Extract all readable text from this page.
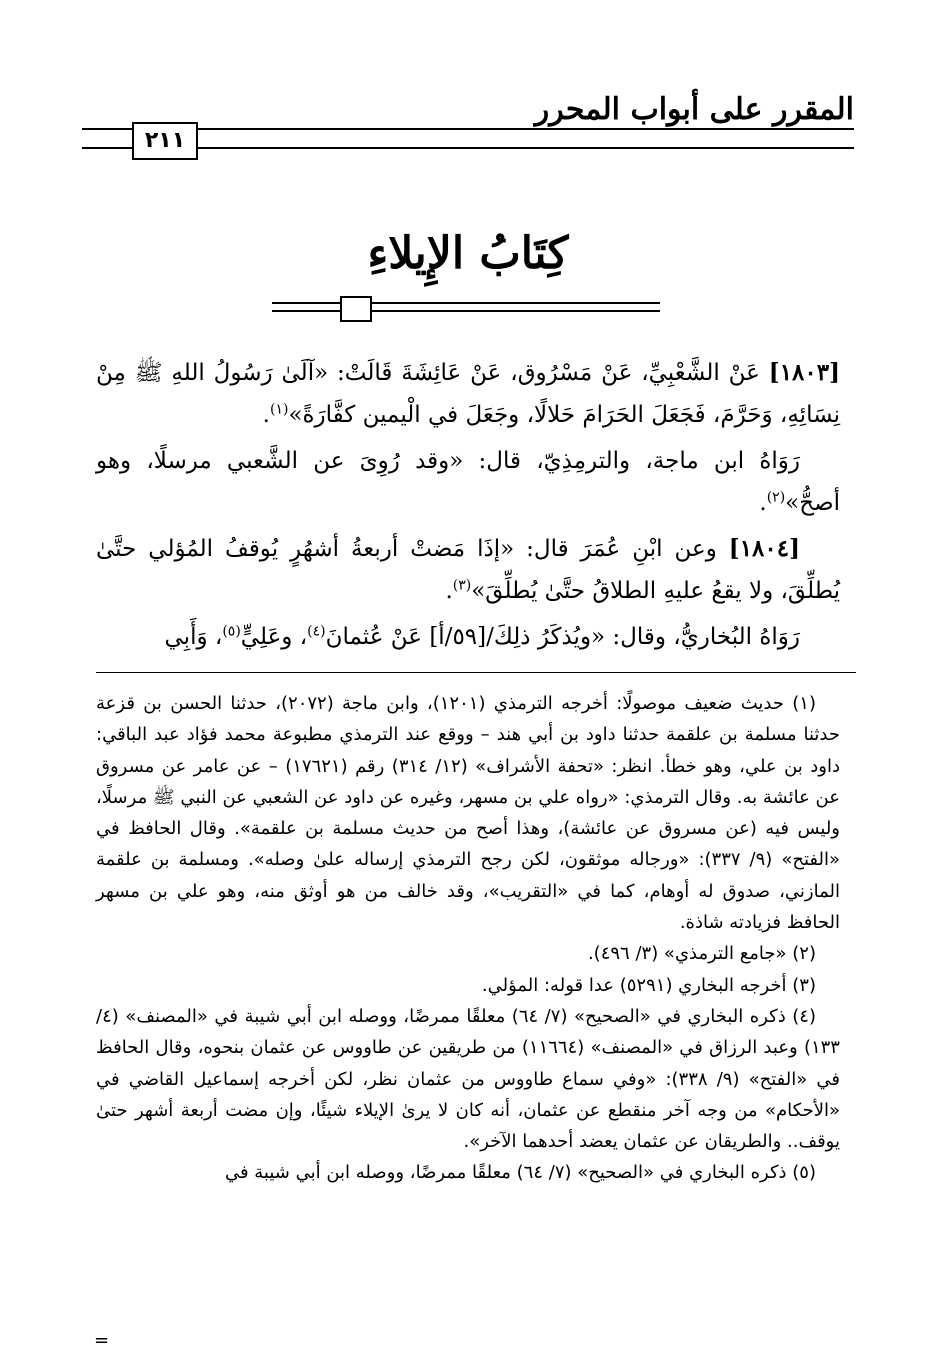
المقرر على أبواب المحرر
٢١١
كِتَابُ الإِيلاءِ

[١٨٠٣] عَنْ الشَّعْبِيِّ، عَنْ مَسْرُوق، عَنْ عَائِشَةَ قَالَتْ: «آلَىٰ رَسُولُ اللهِ ﷺ مِنْ نِسَائِهِ، وَحَرَّمَ، فَجَعَلَ الحَرَامَ حَلالًا، وجَعَلَ في الْيمين كفَّارَةً»$^{(١)}$.

رَوَاهُ ابن ماجة، والترمِذِيّ، قال: «وقد رُوِىَ عن الشَّعبي مرسلًا، وهو أصحُّ»$^{(٢)}$.

[١٨٠٤] وعن ابْنِ عُمَرَ قال: «إذَا مَضتْ أربعةُ أشهُرٍ يُوقفُ المُؤلي حتَّىٰ يُطلِّقَ، ولا يقعُ عليهِ الطلاقُ حتَّىٰ يُطلِّقَ»$^{(٣)}$.

رَوَاهُ البُخاريُّ، وقال: «ويُذكَرُ ذلِكَ/[٥٩/أ] عَنْ عُثمانَ$^{(٤)}$، وعَلِيٍّ$^{(٥)}$، وَأَبِي

(١) حديث ضعيف موصولًا: أخرجه الترمذي (١٢٠١)، وابن ماجة (٢٠٧٢)، حدثنا الحسن بن قزعة حدثنا مسلمة بن علقمة حدثنا داود بن أبي هند – ووقع عند الترمذي مطبوعة محمد فؤاد عبد الباقي: داود بن علي، وهو خطأ. انظر: «تحفة الأشراف» (١٢/ ٣١٤) رقم (١٧٦٢١) – عن عامر عن مسروق عن عائشة به. وقال الترمذي: «رواه علي بن مسهر، وغيره عن داود عن الشعبي عن النبي ﷺ مرسلًا، وليس فيه (عن مسروق عن عائشة)، وهذا أصح من حديث مسلمة بن علقمة». وقال الحافظ في «الفتح» (٩/ ٣٣٧): «ورجاله موثقون، لكن رجح الترمذي إرساله علىٰ وصله». ومسلمة بن علقمة المازني، صدوق له أوهام، كما في «التقريب»، وقد خالف من هو أوثق منه، وهو علي بن مسهر الحافظ فزيادته شاذة.

(٢) «جامع الترمذي» (٣/ ٤٩٦).

(٣) أخرجه البخاري (٥٢٩١) عدا قوله: المؤلي.

(٤) ذكره البخاري في «الصحيح» (٧/ ٦٤) معلقًا ممرضًا، ووصله ابن أبي شيبة في «المصنف» (٤/ ١٣٣) وعبد الرزاق في «المصنف» (١١٦٦٤) من طريقين عن طاووس عن عثمان بنحوه، وقال الحافظ في «الفتح» (٩/ ٣٣٨): «وفي سماع طاووس من عثمان نظر، لكن أخرجه إسماعيل القاضي في «الأحكام» من وجه آخر منقطع عن عثمان، أنه كان لا يرىٰ الإيلاء شيئًا، وإن مضت أربعة أشهر حتىٰ يوقف.. والطريقان عن عثمان يعضد أحدهما الآخر».

(٥) ذكره البخاري في «الصحيح» (٧/ ٦٤) معلقًا ممرضًا، ووصله ابن أبي شيبة في

=
